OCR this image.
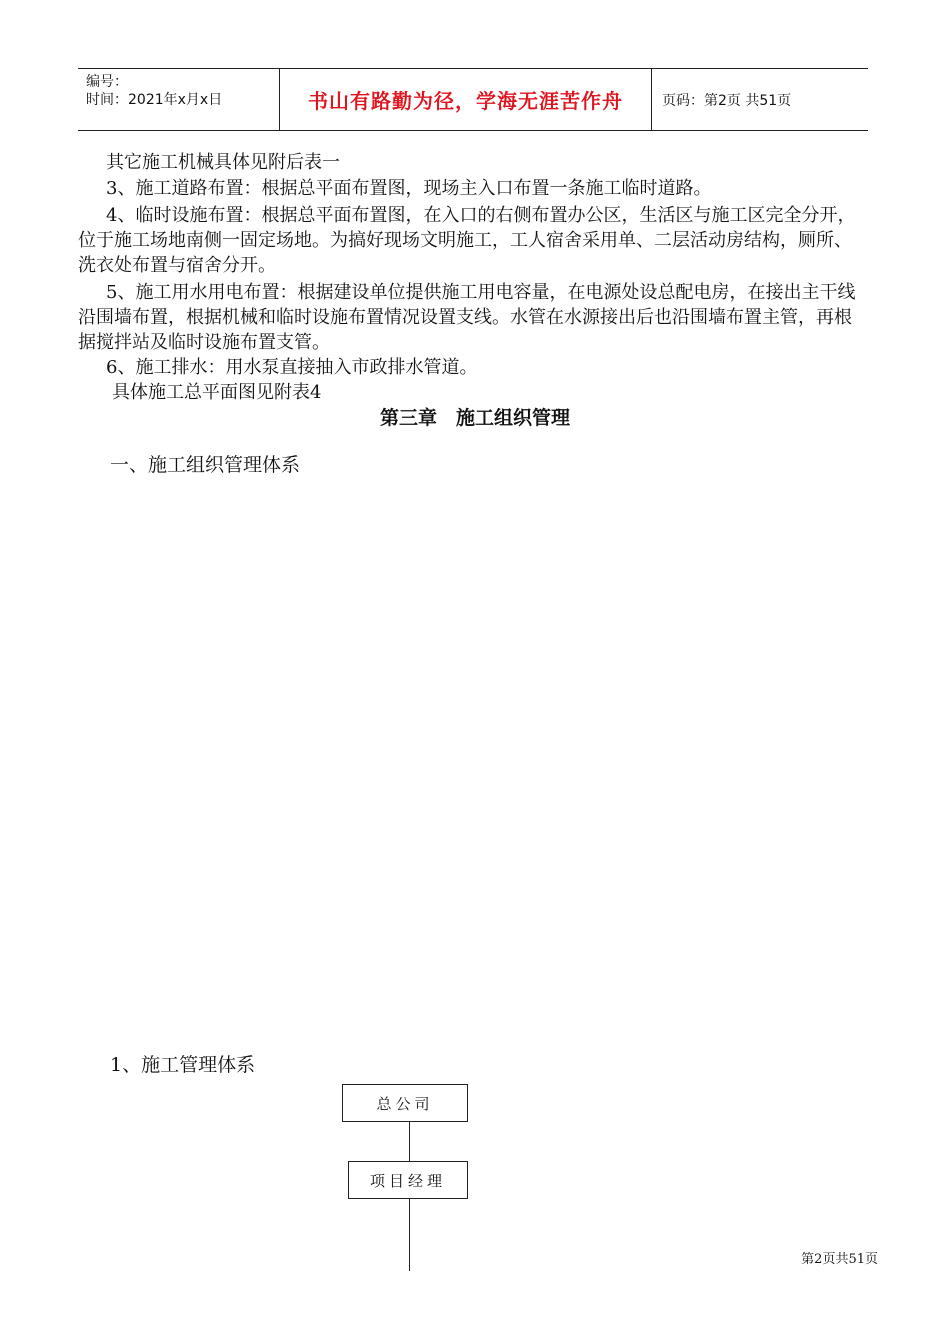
编号：
时间：2021年x月x日	书山有路勤为径，学海无涯苦作舟	页码：第2页 共51页

其它施工机械具体见附后表一

3、施工道路布置：根据总平面布置图，现场主入口布置一条施工临时道路。

4、临时设施布置：根据总平面布置图，在入口的右侧布置办公区，生活区与施工区完全分开，位于施工场地南侧一固定场地。为搞好现场文明施工，工人宿舍采用单、二层活动房结构，厕所、洗衣处布置与宿舍分开。

5、施工用水用电布置：根据建设单位提供施工用电容量，在电源处设总配电房，在接出主干线沿围墙布置，根据机械和临时设施布置情况设置支线。水管在水源接出后也沿围墙布置主管，再根据搅拌站及临时设施布置支管。

6、施工排水：用水泵直接抽入市政排水管道。

具体施工总平面图见附表4

第三章　施工组织管理
一、施工组织管理体系
1、施工管理体系
总公司
项目经理
第2页共51页
